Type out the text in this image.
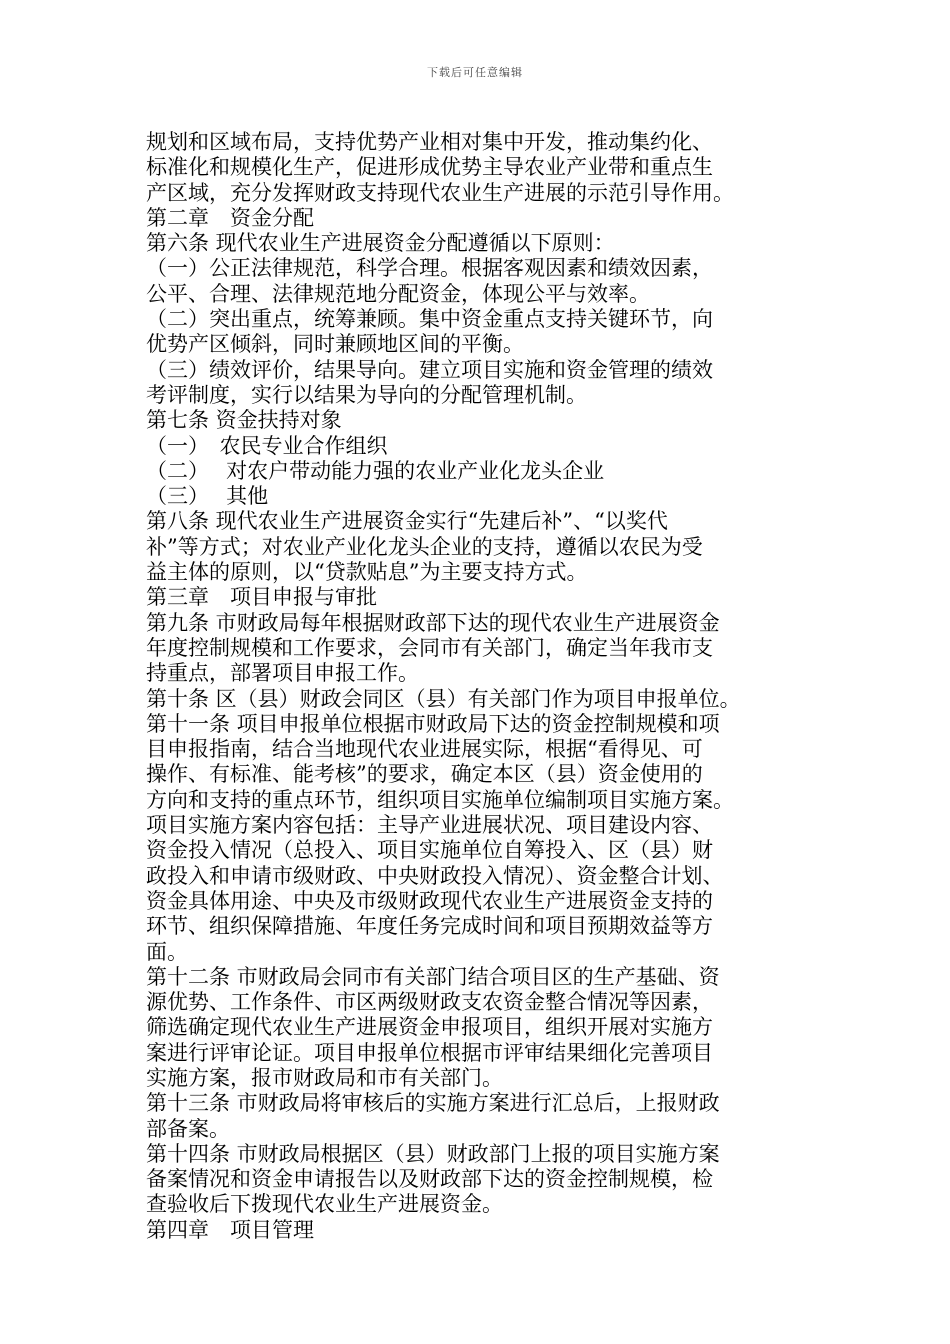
下载后可任意编辑
规划和区域布局，支持优势产业相对集中开发，推动集约化、
标准化和规模化生产，促进形成优势主导农业产业带和重点生
产区域，充分发挥财政支持现代农业生产进展的示范引导作用。
第二章　资金分配
第六条 现代农业生产进展资金分配遵循以下原则：
（一）公正法律规范，科学合理。根据客观因素和绩效因素，
公平、合理、法律规范地分配资金，体现公平与效率。
（二）突出重点，统筹兼顾。集中资金重点支持关键环节，向
优势产区倾斜，同时兼顾地区间的平衡。
（三）绩效评价，结果导向。建立项目实施和资金管理的绩效
考评制度，实行以结果为导向的分配管理机制。
第七条 资金扶持对象
（一）　农民专业合作组织
（二）　 对农户带动能力强的农业产业化龙头企业
（三）　 其他
第八条 现代农业生产进展资金实行“先建后补”、“以奖代
补”等方式；对农业产业化龙头企业的支持，遵循以农民为受
益主体的原则，以“贷款贴息”为主要支持方式。
第三章　项目申报与审批
第九条 市财政局每年根据财政部下达的现代农业生产进展资金
年度控制规模和工作要求，会同市有关部门，确定当年我市支
持重点，部署项目申报工作。
第十条 区（县）财政会同区（县）有关部门作为项目申报单位。
第十一条 项目申报单位根据市财政局下达的资金控制规模和项
目申报指南，结合当地现代农业进展实际，根据“看得见、可
操作、有标准、能考核”的要求，确定本区（县）资金使用的
方向和支持的重点环节，组织项目实施单位编制项目实施方案。
项目实施方案内容包括：主导产业进展状况、项目建设内容、
资金投入情况（总投入、项目实施单位自筹投入、区（县）财
政投入和申请市级财政、中央财政投入情况）、资金整合计划、
资金具体用途、中央及市级财政现代农业生产进展资金支持的
环节、组织保障措施、年度任务完成时间和项目预期效益等方
面。
第十二条 市财政局会同市有关部门结合项目区的生产基础、资
源优势、工作条件、市区两级财政支农资金整合情况等因素，
筛选确定现代农业生产进展资金申报项目，组织开展对实施方
案进行评审论证。项目申报单位根据市评审结果细化完善项目
实施方案，报市财政局和市有关部门。
第十三条 市财政局将审核后的实施方案进行汇总后，上报财政
部备案。
第十四条 市财政局根据区（县）财政部门上报的项目实施方案
备案情况和资金申请报告以及财政部下达的资金控制规模，检
查验收后下拨现代农业生产进展资金。
第四章　项目管理
